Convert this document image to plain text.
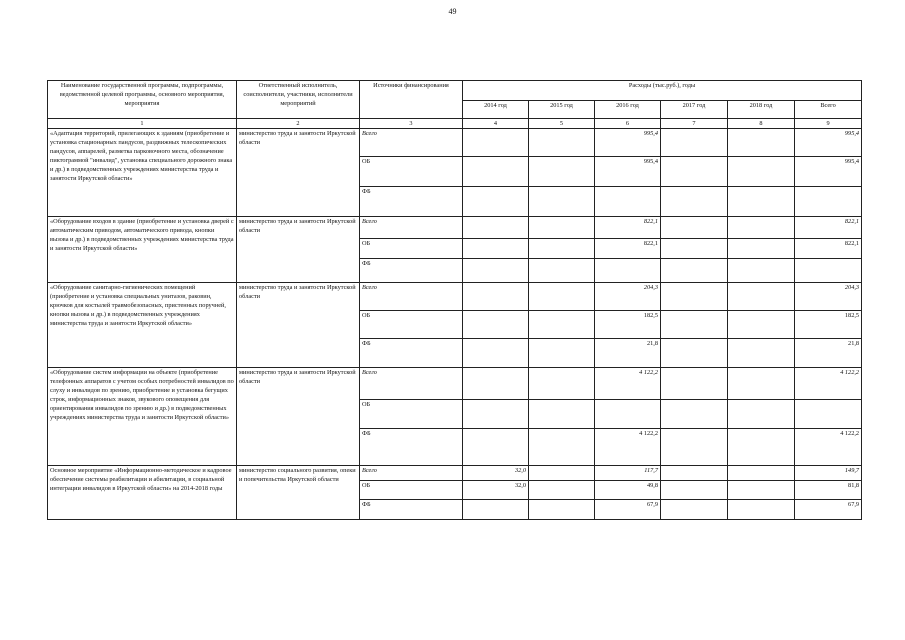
49
Наименование государственной программы, подпрограммы, ведомственной целевой программы, основного мероприятия, мероприятия	Ответственный исполнитель, соисполнители, участники, исполнители мероприятий	Источники финансирования	Расходы (тыс.руб.), годы					
			2014 год	2015 год	2016 год	2017 год	2018 год	Всего
1	2	3	4	5	6	7	8	9
«Адаптация территорий, прилегающих к зданиям (приобретение и установка стационарных пандусов, раздвижных телескопических пандусов, аппарелей, разметка парковочного места, обозначение пиктограммой "инвалид", установка специального дорожного знака и др.) в подведомственных учреждениях министерства труда и занятости Иркутской области»	министерство труда и занятости Иркутской области	Всего			995,4			995,4
		ОБ			995,4			995,4
		ФБ						
«Оборудование входов в здание (приобретение и установка дверей с автоматическим приводом, автоматического привода, кнопки вызова и др.) в подведомственных учреждениях министерства труда и занятости Иркутской области»	министерство труда и занятости Иркутской области	Всего			822,1			822,1
		ОБ			822,1			822,1
		ФБ						
«Оборудование санитарно-гигиенических помещений (приобретение и установка специальных унитазов, раковин, крючков для костылей травмобезопасных, пристенных поручней, кнопки вызова и др.) в подведомственных учреждениях министерства труда и занятости Иркутской области»	министерство труда и занятости Иркутской области	Всего			204,3			204,3
		ОБ			182,5			182,5
		ФБ			21,8			21,8
«Оборудование систем информации на объекте (приобретение телефонных аппаратов с учетом особых потребностей инвалидов по слуху и инвалидов по зрению, приобретение и установка бегущих строк, информационных знаков, звукового оповещения для ориентирования инвалидов по зрению и др.) в подведомственных учреждениях министерства труда и занятости Иркутской области»	министерство труда и занятости Иркутской области	Всего			4 122,2			4 122,2
		ОБ						
		ФБ			4 122,2			4 122,2
Основное мероприятие «Информационно-методическое и кадровое обеспечение системы реабилитации и абилитации, в социальной интеграции инвалидов в Иркутской области» на 2014-2018 годы	министерство социального развития, опеки и попечительства Иркутской области	Всего	32,0		117,7			149,7
		ОБ	32,0		49,8			81,8
		ФБ			67,9			67,9
